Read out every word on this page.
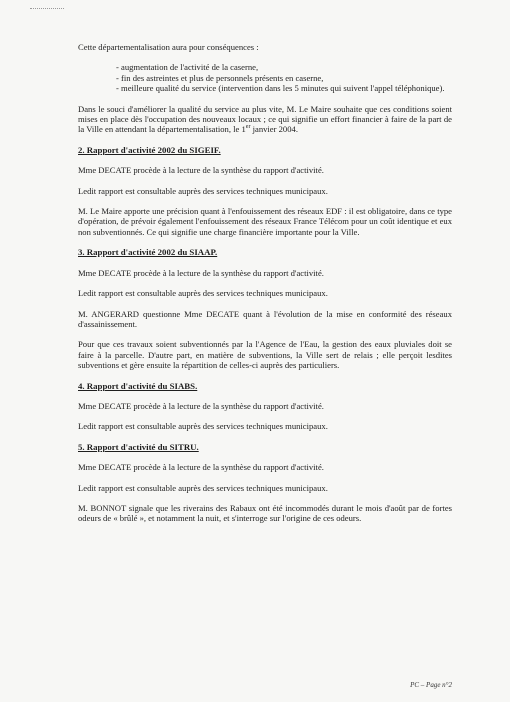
Cette départementalisation aura pour conséquences :

- augmentation de l'activité de la caserne,
- fin des astreintes et plus de personnels présents en caserne,
- meilleure qualité du service (intervention dans les 5 minutes qui suivent l'appel téléphonique).

Dans le souci d'améliorer la qualité du service au plus vite, M. Le Maire souhaite que ces conditions soient mises en place dès l'occupation des nouveaux locaux ; ce qui signifie un effort financier à faire de la part de la Ville en attendant la départementalisation, le 1er janvier 2004.

2. Rapport d'activité 2002 du SIGEIF.

Mme DECATE procède à la lecture de la synthèse du rapport d'activité.

Ledit rapport est consultable auprès des services techniques municipaux.

M. Le Maire apporte une précision quant à l'enfouissement des réseaux EDF : il est obligatoire, dans ce type d'opération, de prévoir également l'enfouissement des réseaux France Télécom pour un coût identique et eux non subventionnés. Ce qui signifie une charge financière importante pour la Ville.

3. Rapport d'activité 2002 du SIAAP.

Mme DECATE procède à la lecture de la synthèse du rapport d'activité.

Ledit rapport est consultable auprès des services techniques municipaux.

M. ANGERARD questionne Mme DECATE quant à l'évolution de la mise en conformité des réseaux d'assainissement.

Pour que ces travaux soient subventionnés par la l'Agence de l'Eau, la gestion des eaux pluviales doit se faire à la parcelle. D'autre part, en matière de subventions, la Ville sert de relais ; elle perçoit lesdites subventions et gère ensuite la répartition de celles-ci auprès des particuliers.

4. Rapport d'activité du SIABS.

Mme DECATE procède à la lecture de la synthèse du rapport d'activité.

Ledit rapport est consultable auprès des services techniques municipaux.

5. Rapport d'activité du SITRU.

Mme DECATE procède à la lecture de la synthèse du rapport d'activité.

Ledit rapport est consultable auprès des services techniques municipaux.

M. BONNOT signale que les riverains des Rabaux ont été incommodés durant le mois d'août par de fortes odeurs de « brûlé », et notamment la nuit, et s'interroge sur l'origine de ces odeurs.

PC – Page n°2
